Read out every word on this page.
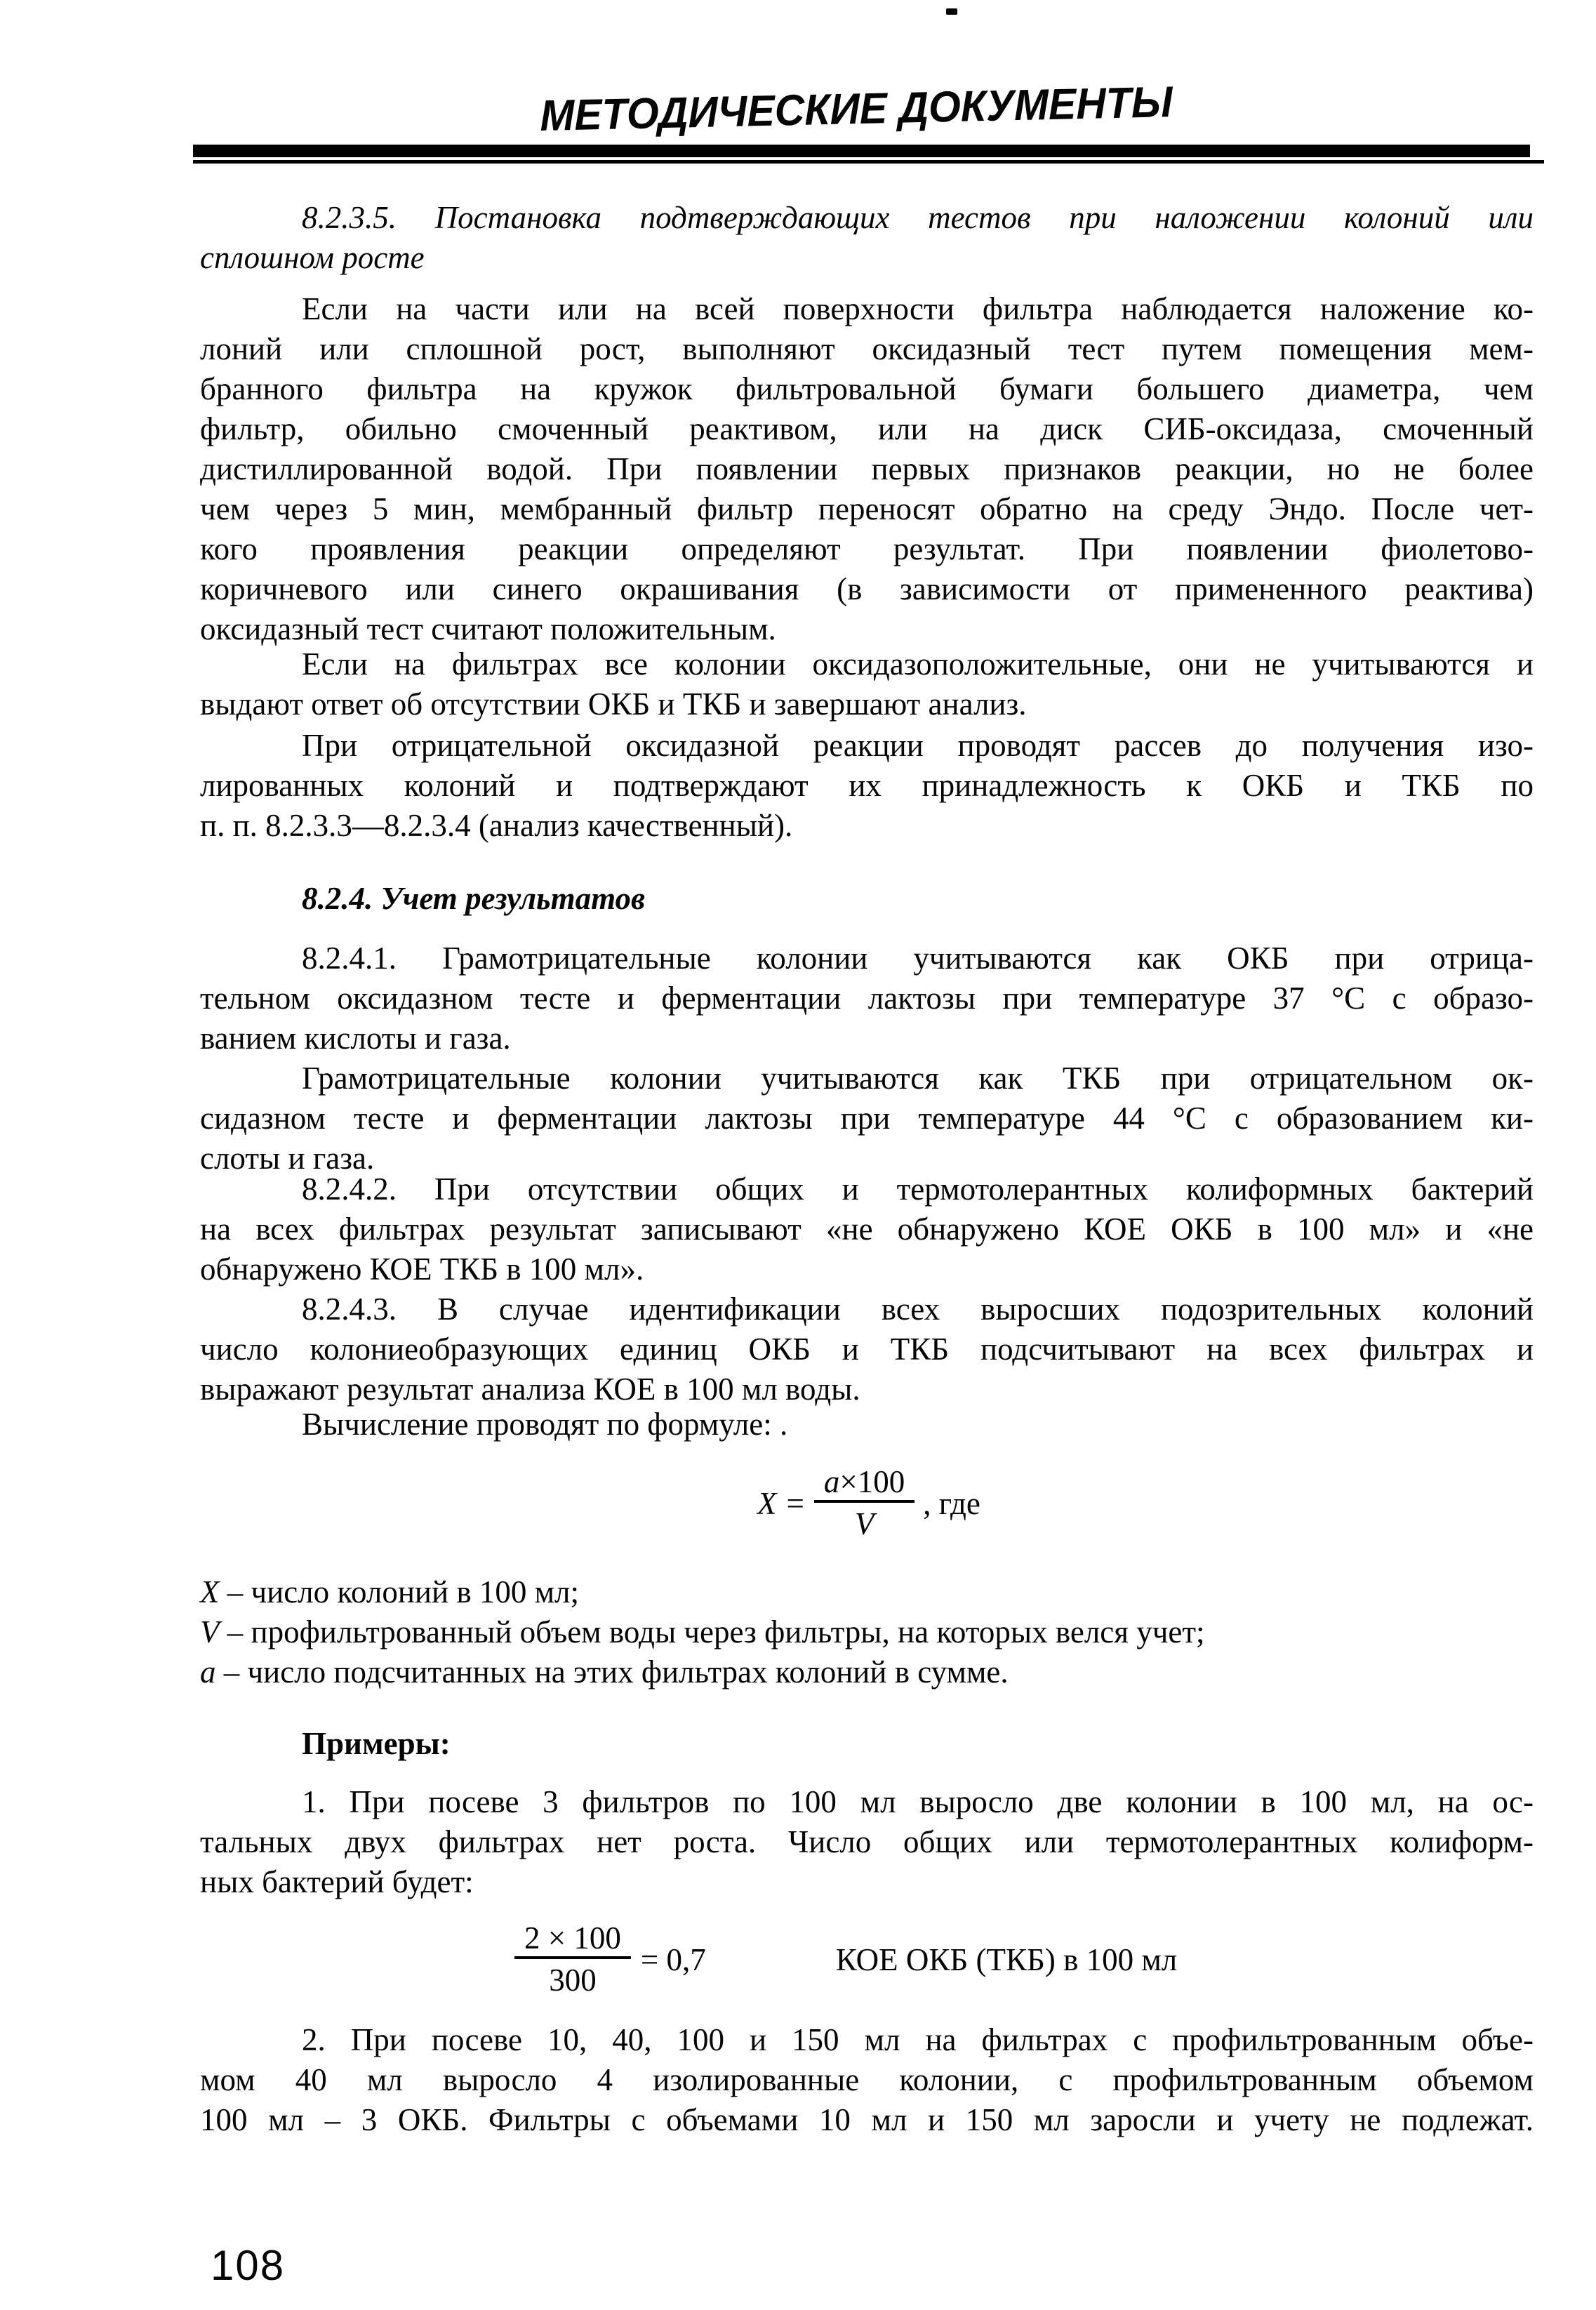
МЕТОДИЧЕСКИЕ ДОКУМЕНТЫ
8.2.3.5. Постановка подтверждающих тестов при наложении колоний или
сплошном росте
Если на части или на всей поверхности фильтра наблюдается наложение ко-
лоний или сплошной рост, выполняют оксидазный тест путем помещения мем-
бранного фильтра на кружок фильтровальной бумаги большего диаметра, чем
фильтр, обильно смоченный реактивом, или на диск СИБ-оксидаза, смоченный
дистиллированной водой. При появлении первых признаков реакции, но не более
чем через 5 мин, мембранный фильтр переносят обратно на среду Эндо. После чет-
кого проявления реакции определяют результат. При появлении фиолетово-
коричневого или синего окрашивания (в зависимости от примененного реактива)
оксидазный тест считают положительным.
Если на фильтрах все колонии оксидазоположительные, они не учитываются и
выдают ответ об отсутствии ОКБ и ТКБ и завершают анализ.
При отрицательной оксидазной реакции проводят рассев до получения изо-
лированных колоний и подтверждают их принадлежность к ОКБ и ТКБ по
п. п. 8.2.3.3—8.2.3.4 (анализ качественный).
8.2.4. Учет результатов
8.2.4.1. Грамотрицательные колонии учитываются как ОКБ при отрица-
тельном оксидазном тесте и ферментации лактозы при температуре 37 °С с образо-
ванием кислоты и газа.
Грамотрицательные колонии учитываются как ТКБ при отрицательном ок-
сидазном тесте и ферментации лактозы при температуре 44 °С с образованием ки-
слоты и газа.
8.2.4.2. При отсутствии общих и термотолерантных колиформных бактерий
на всех фильтрах результат записывают «не обнаружено КОЕ ОКБ в 100 мл» и «не
обнаружено КОЕ ТКБ в 100 мл».
8.2.4.3. В случае идентификации всех выросших подозрительных колоний
число колониеобразующих единиц ОКБ и ТКБ подсчитывают на всех фильтрах и
выражают результат анализа КОЕ в 100 мл воды.
Вычисление проводят по формуле: .
$X = \frac{a\times 100}{V}$ , где
X – число колоний в 100 мл;
V – профильтрованный объем воды через фильтры, на которых велся учет;
a – число подсчитанных на этих фильтрах колоний в сумме.
Примеры:
1. При посеве 3 фильтров по 100 мл выросло две колонии в 100 мл, на ос-
тальных двух фильтрах нет роста. Число общих или термотолерантных колиформ-
ных бактерий будет:
$\frac{2 \times 100}{300} = 0,7$	КОЕ ОКБ (ТКБ) в 100 мл
2. При посеве 10, 40, 100 и 150 мл на фильтрах с профильтрованным объе-
мом 40 мл выросло 4 изолированные колонии, с профильтрованным объемом
100 мл – 3 ОКБ. Фильтры с объемами 10 мл и 150 мл заросли и учету не подлежат.
108
